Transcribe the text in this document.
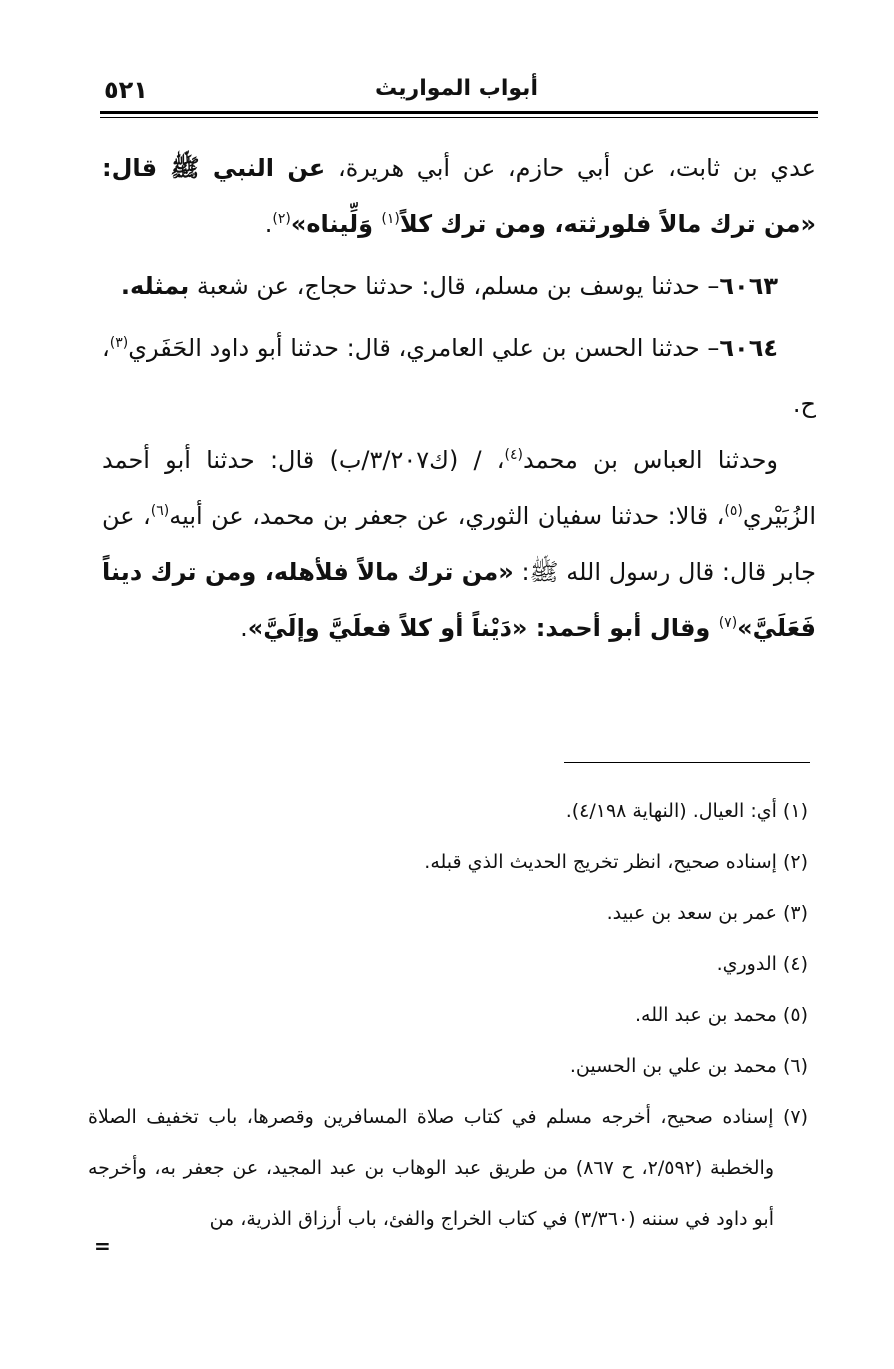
أبواب المواريث
٥٢١

عدي بن ثابت، عن أبي حازم، عن أبي هريرة، عن النبي ﷺ قال: «من ترك مالاً فلورثته، ومن ترك كلاً$^{(١)}$ وَلِّيناه»$^{(٢)}$.

٦٠٦٣– حدثنا يوسف بن مسلم، قال: حدثنا حجاج، عن شعبة بمثله.

٦٠٦٤– حدثنا الحسن بن علي العامري، قال: حدثنا أبو داود الحَفَري$^{(٣)}$، ح.

وحدثنا العباس بن محمد$^{(٤)}$، / (ك٣/٢٠٧/ب) قال: حدثنا أبو أحمد الزُبَيْري$^{(٥)}$، قالا: حدثنا سفيان الثوري، عن جعفر بن محمد، عن أبيه$^{(٦)}$، عن جابر قال: قال رسول الله ﷺ: «من ترك مالاً فلأهله، ومن ترك ديناً فَعَلَيَّ»$^{(٧)}$ وقال أبو أحمد: «دَيْناً أو كلاً فعلَيَّ وإلَيَّ».

(١) أي: العيال. (النهاية ٤/١٩٨).

(٢) إسناده صحيح، انظر تخريج الحديث الذي قبله.

(٣) عمر بن سعد بن عبيد.

(٤) الدوري.

(٥) محمد بن عبد الله.

(٦) محمد بن علي بن الحسين.

(٧) إسناده صحيح، أخرجه مسلم في كتاب صلاة المسافرين وقصرها، باب تخفيف الصلاة والخطبة (٢/٥٩٢، ح ٨٦٧) من طريق عبد الوهاب بن عبد المجيد، عن جعفر به، وأخرجه أبو داود في سننه (٣/٣٦٠) في كتاب الخراج والفئ، باب أرزاق الذرية، من

=
